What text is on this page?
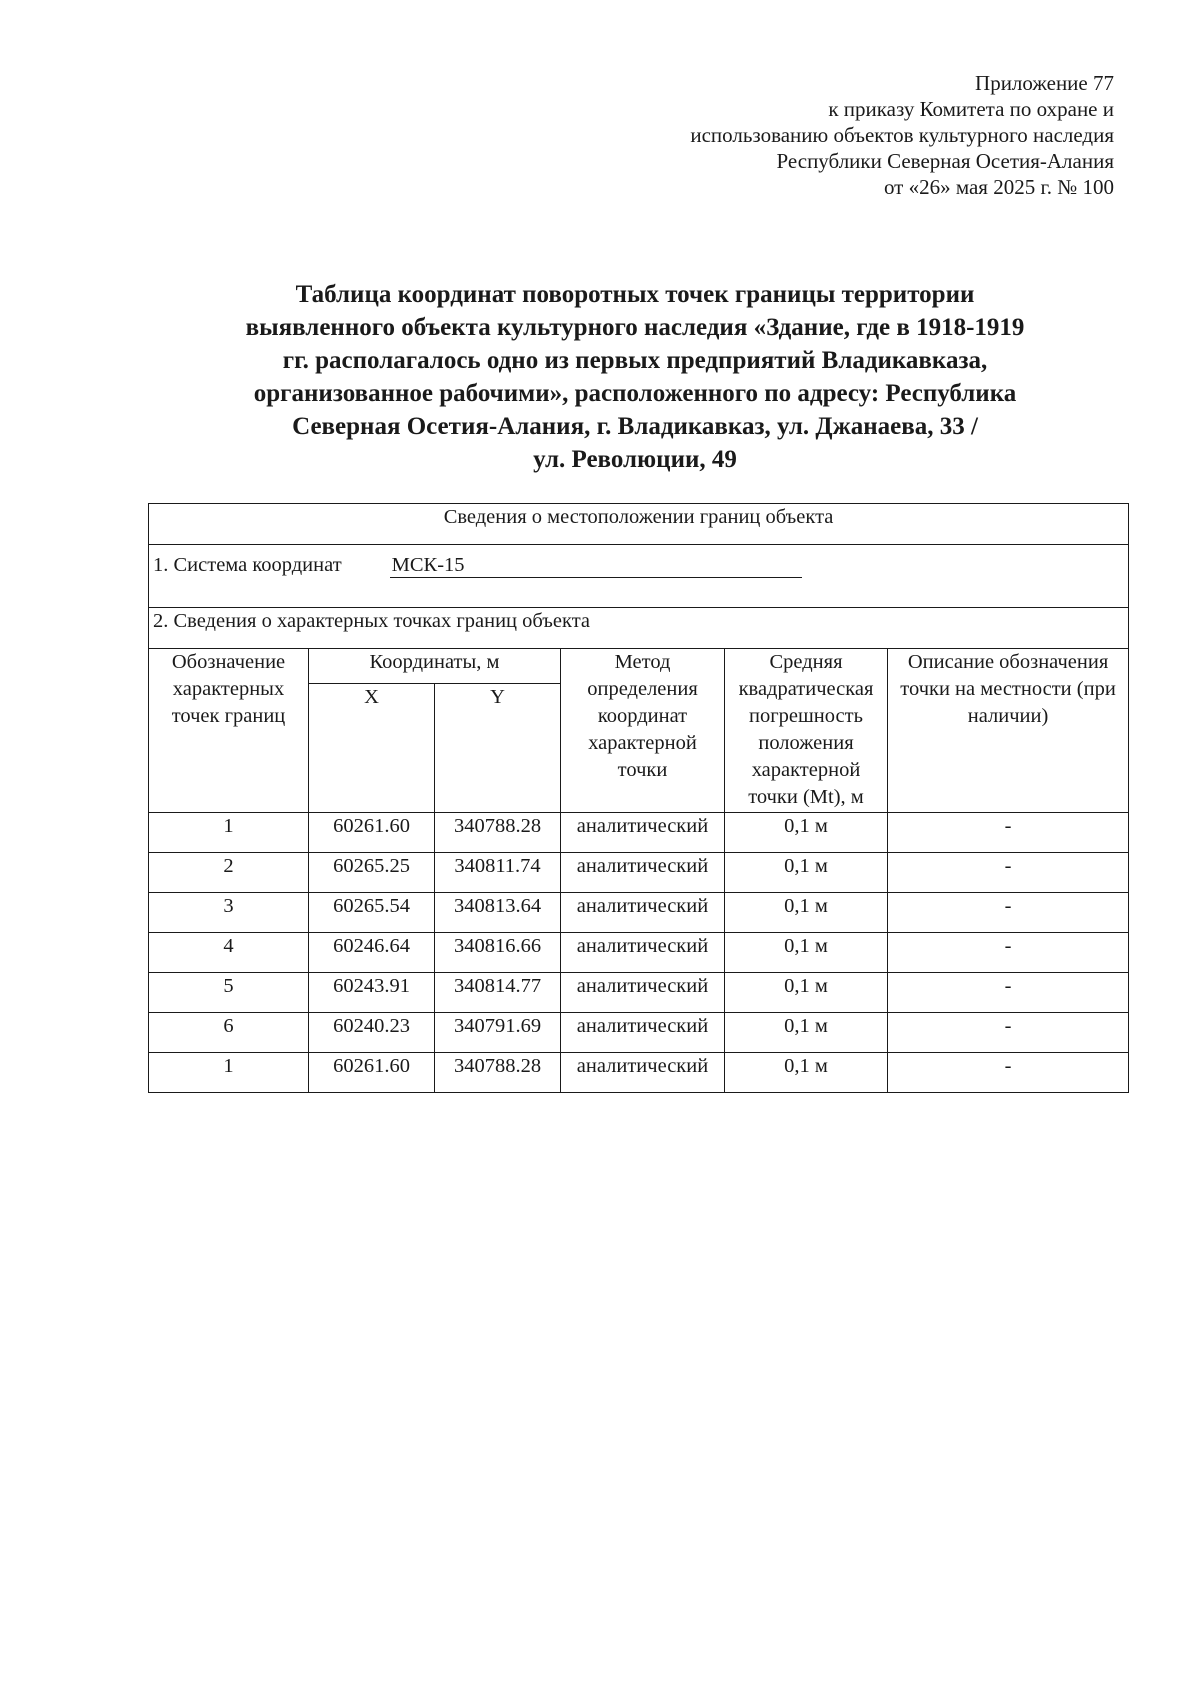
Приложение 77
к приказу Комитета по охране и
использованию объектов культурного наследия
Республики Северная Осетия-Алания
от «26» мая 2025 г. № 100
Таблица координат поворотных точек границы территории
выявленного объекта культурного наследия «Здание, где в 1918-1919
гг. располагалось одно из первых предприятий Владикавказа,
организованное рабочими», расположенного по адресу: Республика
Северная Осетия-Алания, г. Владикавказ, ул. Джанаева, 33 /
ул. Революции, 49
Сведения о местоположении границ объекта					

1. Система координат МСК-15					

2. Сведения о характерных точках границ объекта					
Обозначение характерных точек границ	Координаты, м		Метод определения координат характерной точки	Средняя квадратическая погрешность положения характерной точки (Mt), м	Описание обозначения точки на местности (при наличии)
	X	Y			
1	60261.60	340788.28	аналитический	0,1 м	-
2	60265.25	340811.74	аналитический	0,1 м	-
3	60265.54	340813.64	аналитический	0,1 м	-
4	60246.64	340816.66	аналитический	0,1 м	-
5	60243.91	340814.77	аналитический	0,1 м	-
6	60240.23	340791.69	аналитический	0,1 м	-
1	60261.60	340788.28	аналитический	0,1 м	-
